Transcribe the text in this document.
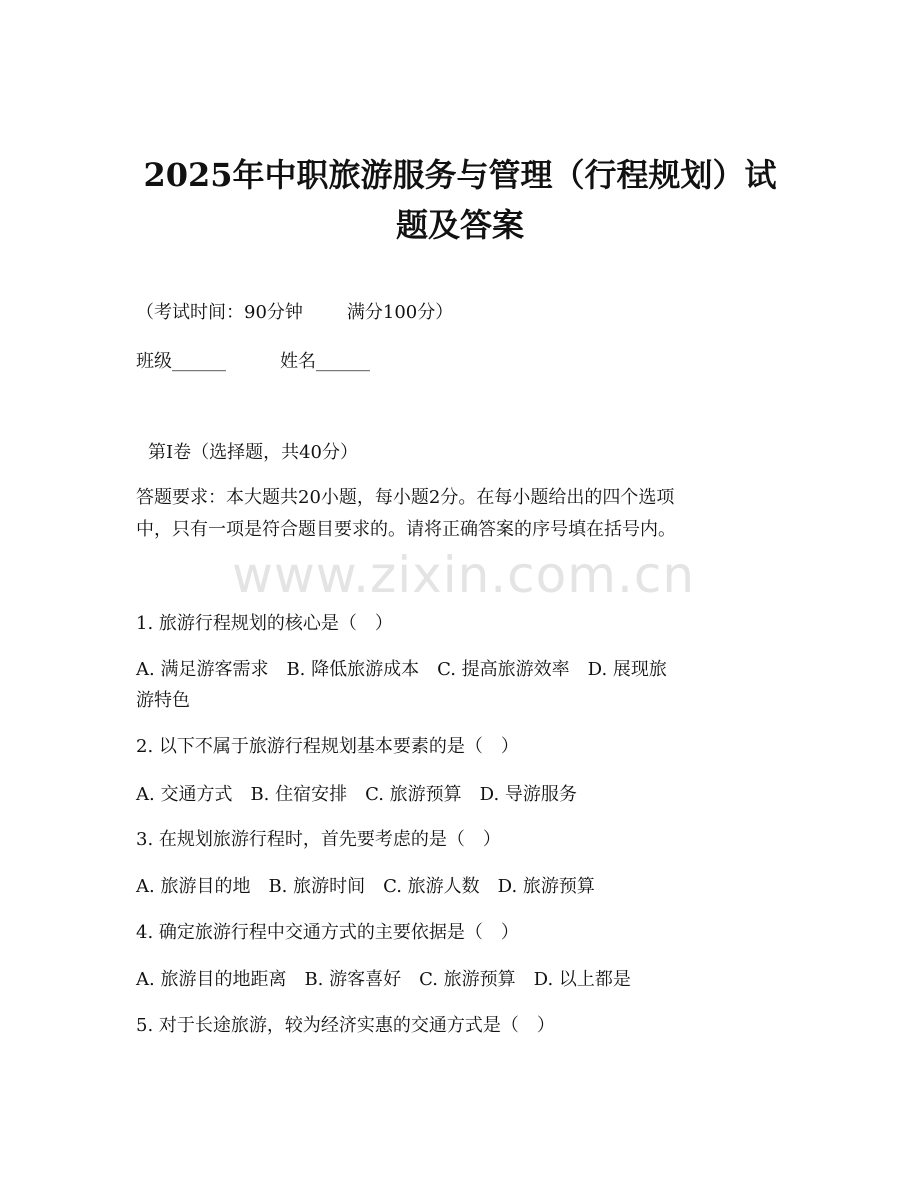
2025年中职旅游服务与管理（行程规划）试
题及答案
（考试时间：90分钟 满分100分）
班级______	姓名______
第Ⅰ卷（选择题，共40分）
答题要求：本大题共20小题，每小题2分。在每小题给出的四个选项
中，只有一项是符合题目要求的。请将正确答案的序号填在括号内。
www.zixin.com.cn
1. 旅游行程规划的核心是（　）
A. 满足游客需求　B. 降低旅游成本　C. 提高旅游效率　D. 展现旅
游特色
2. 以下不属于旅游行程规划基本要素的是（　）
A. 交通方式　B. 住宿安排　C. 旅游预算　D. 导游服务
3. 在规划旅游行程时，首先要考虑的是（　）
A. 旅游目的地　B. 旅游时间　C. 旅游人数　D. 旅游预算
4. 确定旅游行程中交通方式的主要依据是（　）
A. 旅游目的地距离　B. 游客喜好　C. 旅游预算　D. 以上都是
5. 对于长途旅游，较为经济实惠的交通方式是（　）
